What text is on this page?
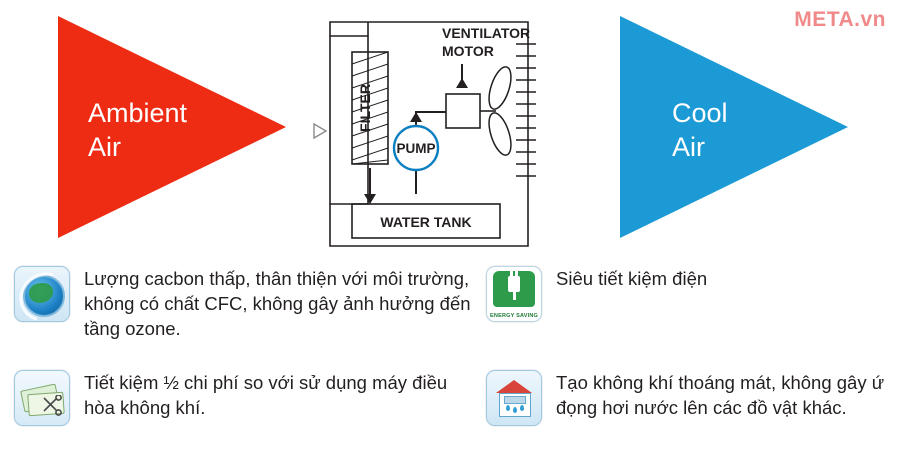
META.vn
Ambient
Air
Cool
Air
FILTER
PUMP
VENTILATOR
MOTOR
WATER TANK
Lượng cacbon thấp, thân thiện với môi trường, không có chất CFC, không gây ảnh hưởng đến tầng ozone.
ENERGY SAVING
Siêu tiết kiệm điện
Tiết kiệm ½ chi phí so với sử dụng máy điều hòa không khí.
Tạo không khí thoáng mát, không gây ứ đọng hơi nước lên các đồ vật khác.
